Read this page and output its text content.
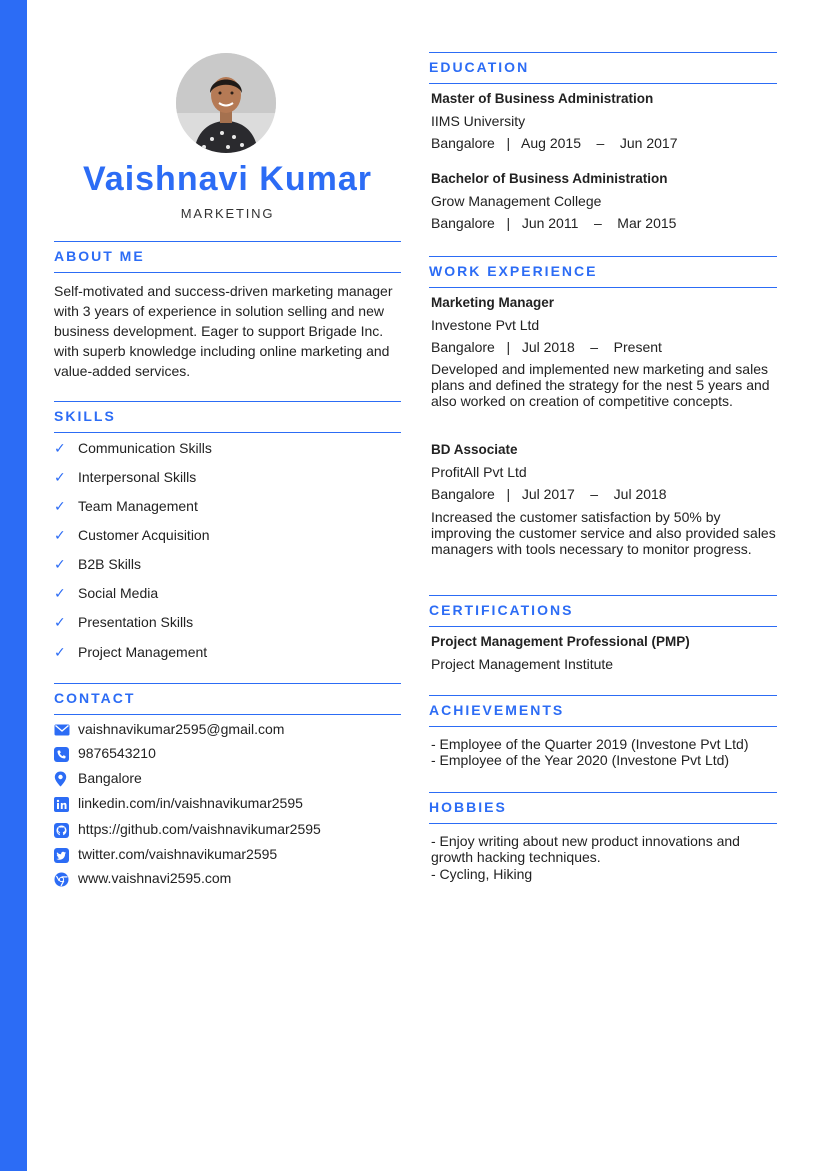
Vaishnavi Kumar
MARKETING
ABOUT ME
Self-motivated and success-driven marketing manager with 3 years of experience in solution selling and new business development. Eager to support Brigade Inc. with superb knowledge including online marketing and value-added services.
SKILLS
✓ Communication Skills
✓ Interpersonal Skills
✓ Team Management
✓ Customer Acquisition
✓ B2B Skills
✓ Social Media
✓ Presentation Skills
✓ Project Management
CONTACT
vaishnavikumar2595@gmail.com
9876543210
Bangalore
linkedin.com/in/vaishnavikumar2595
https://github.com/vaishnavikumar2595
twitter.com/vaishnavikumar2595
www.vaishnavi2595.com
EDUCATION
Master of Business Administration
IIMS University
Bangalore   |   Aug 2015    –    Jun 2017
Bachelor of Business Administration
Grow Management College
Bangalore   |   Jun 2011    –    Mar 2015
WORK EXPERIENCE
Marketing Manager
Investone Pvt Ltd
Bangalore   |   Jul 2018    –    Present
Developed and implemented new marketing and sales plans and defined the strategy for the nest 5 years and also worked on creation of competitive concepts.
BD Associate
ProfitAll Pvt Ltd
Bangalore   |   Jul 2017    –    Jul 2018
Increased the customer satisfaction by 50% by improving the customer service and also provided sales managers with tools necessary to monitor progress.
CERTIFICATIONS
Project Management Professional (PMP)
Project Management Institute
ACHIEVEMENTS
- Employee of the Quarter 2019 (Investone Pvt Ltd)
- Employee of the Year 2020 (Investone Pvt Ltd)
HOBBIES
- Enjoy writing about new product innovations and growth hacking techniques.
- Cycling, Hiking
